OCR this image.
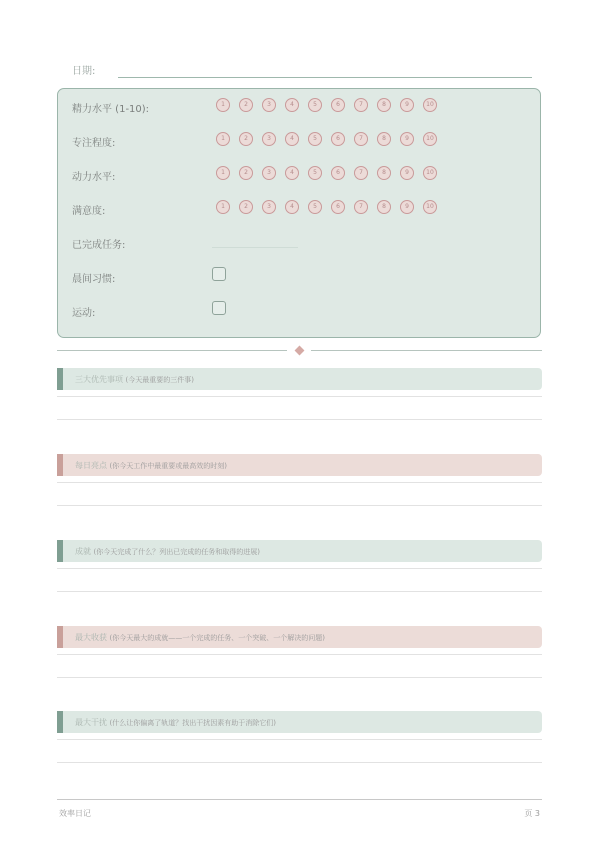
日期:
精力水平 (1-10):	1	2	3	4	5	6	7	8	9	10
专注程度:	1	2	3	4	5	6	7	8	9	10
动力水平:	1	2	3	4	5	6	7	8	9	10
满意度:	1	2	3	4	5	6	7	8	9	10
已完成任务:
晨间习惯:
运动:
三大优先事项 (今天最重要的三件事)
每日亮点 (你今天工作中最重要或最高效的时刻)
成就 (你今天完成了什么？列出已完成的任务和取得的进展)
最大收获 (你今天最大的成就——一个完成的任务、一个突破、一个解决的问题)
最大干扰 (什么让你偏离了轨道？找出干扰因素有助于消除它们)
效率日记	页 3
